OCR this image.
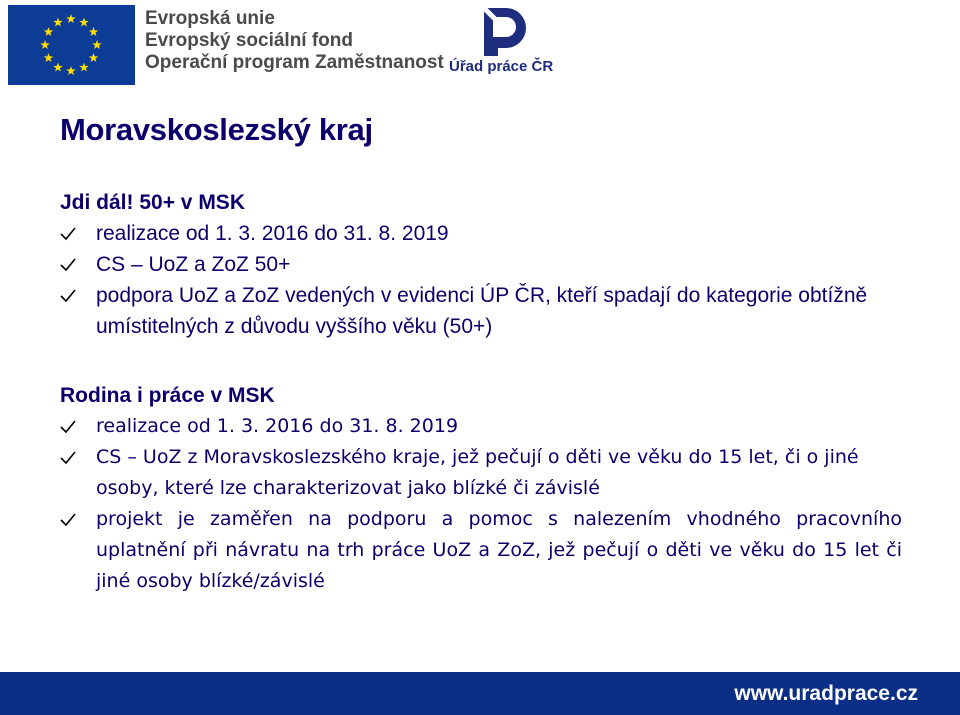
Evropská unie
Evropský sociální fond
Operační program Zaměstnanost Úřad práce ČR
Moravskoslezský kraj
Jdi dál! 50+ v MSK
realizace od 1. 3. 2016 do 31. 8. 2019
CS – UoZ a ZoZ 50+
podpora UoZ a ZoZ vedených v evidenci ÚP ČR, kteří spadají do kategorie obtížně umístitelných z důvodu vyššího věku (50+)
Rodina i práce v MSK
realizace od 1. 3. 2016 do 31. 8. 2019
CS – UoZ z Moravskoslezského kraje, jež pečují o děti ve věku do 15 let, či o jiné osoby, které lze charakterizovat jako blízké či závislé
projekt je zaměřen na podporu a pomoc s nalezením vhodného pracovního uplatnění při návratu na trh práce UoZ a ZoZ, jež pečují o děti ve věku do 15 let či jiné osoby blízké/závislé
www.uradprace.cz
